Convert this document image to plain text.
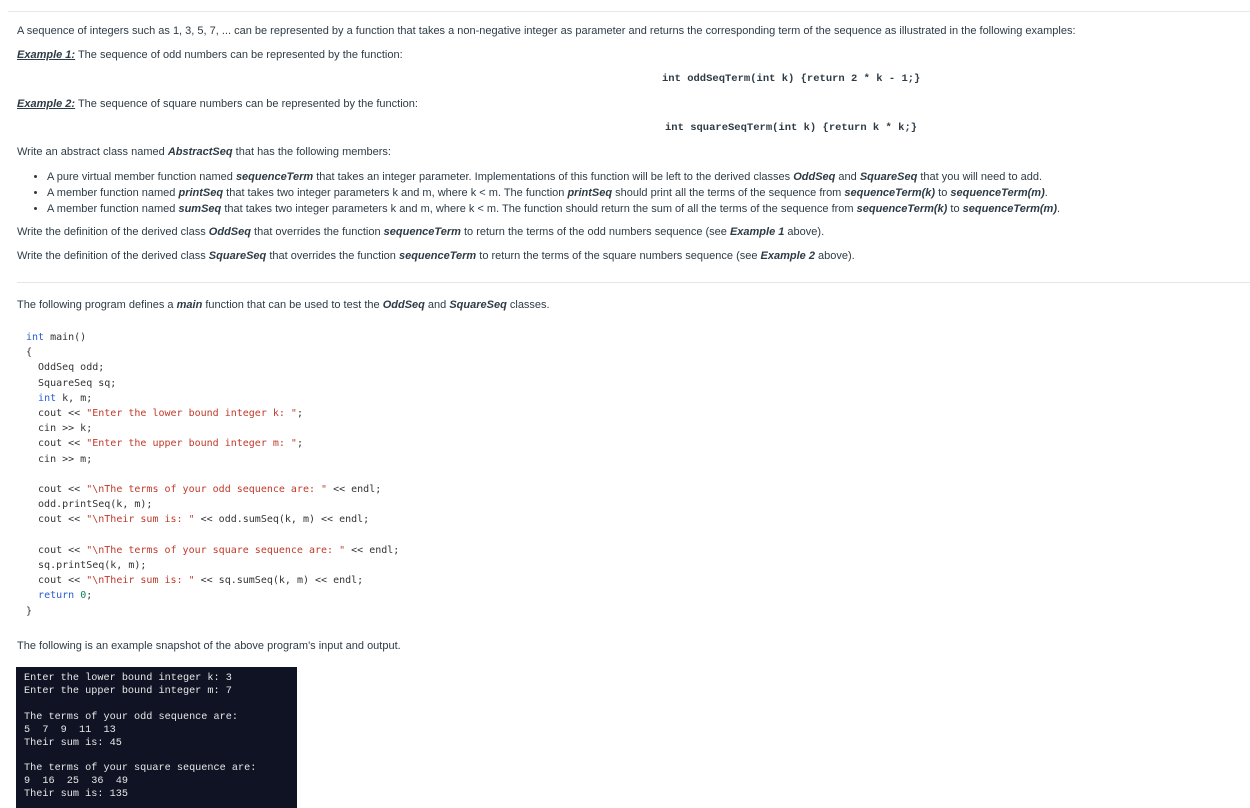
A sequence of integers such as 1, 3, 5, 7, ... can be represented by a function that takes a non-negative integer as parameter and returns the corresponding term of the sequence as illustrated in the following examples:
Example 1: The sequence of odd numbers can be represented by the function:
int oddSeqTerm(int k) {return 2 * k - 1;}
Example 2: The sequence of square numbers can be represented by the function:
int squareSeqTerm(int k) {return k * k;}
Write an abstract class named AbstractSeq that has the following members:
• A pure virtual member function named sequenceTerm that takes an integer parameter. Implementations of this function will be left to the derived classes OddSeq and SquareSeq that you will need to add.
• A member function named printSeq that takes two integer parameters k and m, where k < m. The function printSeq should print all the terms of the sequence from sequenceTerm(k) to sequenceTerm(m).
• A member function named sumSeq that takes two integer parameters k and m, where k < m. The function should return the sum of all the terms of the sequence from sequenceTerm(k) to sequenceTerm(m).
Write the definition of the derived class OddSeq that overrides the function sequenceTerm to return the terms of the odd numbers sequence (see Example 1 above).
Write the definition of the derived class SquareSeq that overrides the function sequenceTerm to return the terms of the square numbers sequence (see Example 2 above).
The following program defines a main function that can be used to test the OddSeq and SquareSeq classes.
int main()
{
OddSeq odd;
SquareSeq sq;
int k, m;
cout << "Enter the lower bound integer k: ";
cin >> k;
cout << "Enter the upper bound integer m: ";
cin >> m;

cout << "\nThe terms of your odd sequence are: " << endl;
odd.printSeq(k, m);
cout << "\nTheir sum is: " << odd.sumSeq(k, m) << endl;

cout << "\nThe terms of your square sequence are: " << endl;
sq.printSeq(k, m);
cout << "\nTheir sum is: " << sq.sumSeq(k, m) << endl;
return 0;
}
The following is an example snapshot of the above program's input and output.
Enter the lower bound integer k: 3
Enter the upper bound integer m: 7

The terms of your odd sequence are:
5  7  9  11  13
Their sum is: 45

The terms of your square sequence are:
9  16  25  36  49
Their sum is: 135
